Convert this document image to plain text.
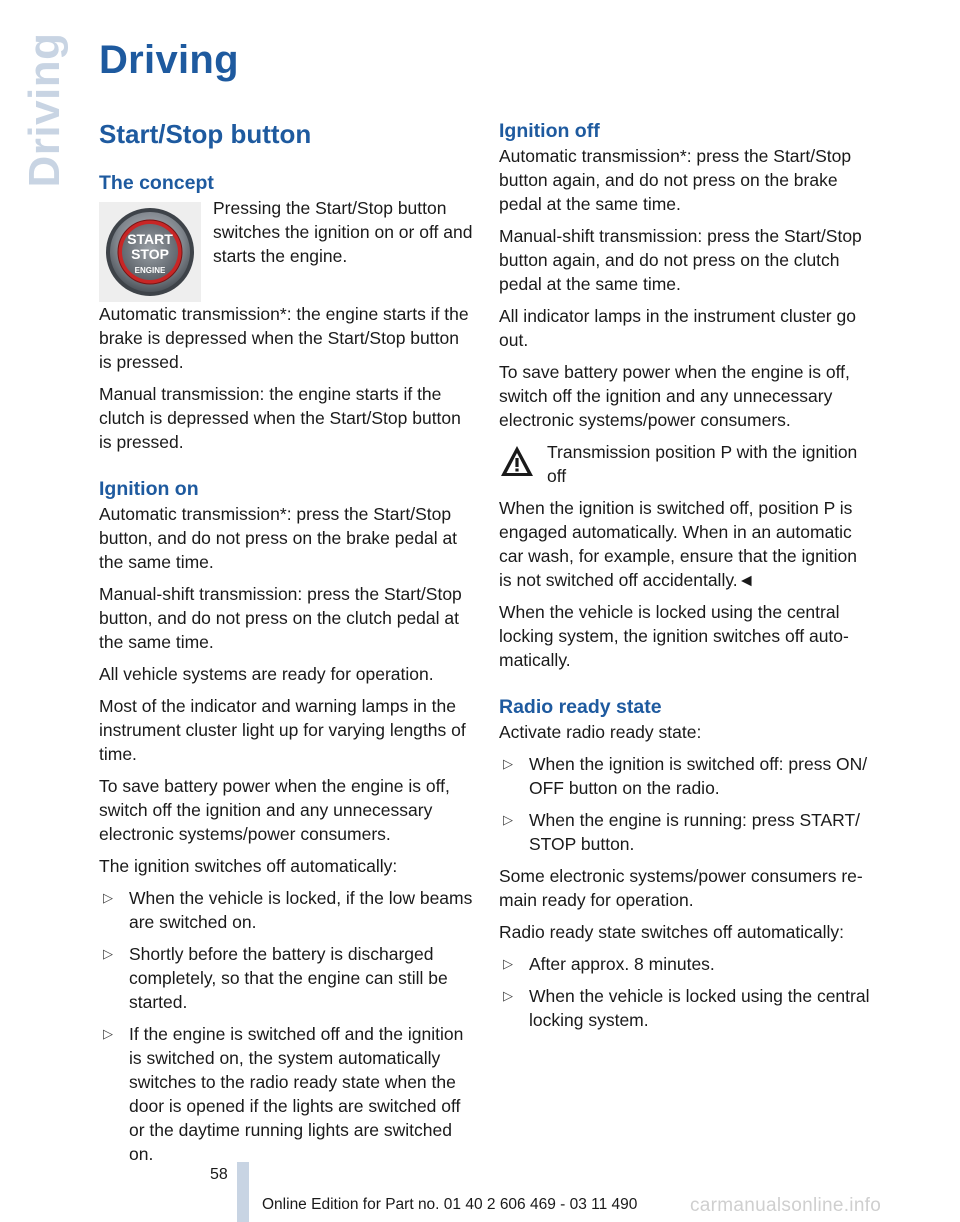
Driving Driving
Start/Stop button
The concept
START
STOP
ENGINE

Pressing the Start/Stop button switches the ignition on or off and starts the engine.

Automatic transmission*: the engine starts if the brake is depressed when the Start/Stop button is pressed.

Manual transmission: the engine starts if the clutch is depressed when the Start/Stop button is pressed.

Ignition on

Automatic transmission*: press the Start/Stop button, and do not press on the brake pedal at the same time.

Manual-shift transmission: press the Start/Stop button, and do not press on the clutch pedal at the same time.

All vehicle systems are ready for operation.

Most of the indicator and warning lamps in the instrument cluster light up for varying lengths of time.

To save battery power when the engine is off, switch off the ignition and any unnecessary electronic systems/power consumers.

The ignition switches off automatically:

▷ When the vehicle is locked, if the low beams are switched on.
▷ Shortly before the battery is discharged completely, so that the engine can still be started.
▷ If the engine is switched off and the ignition is switched on, the system automatically switches to the radio ready state when the door is opened if the lights are switched off or the daytime running lights are switched on.
Ignition off

Automatic transmission*: press the Start/Stop button again, and do not press on the brake pedal at the same time.

Manual-shift transmission: press the Start/Stop button again, and do not press on the clutch pedal at the same time.

All indicator lamps in the instrument cluster go out.

To save battery power when the engine is off, switch off the ignition and any unnecessary electronic systems/power consumers.

Transmission position P with the ignition off

When the ignition is switched off, position P is engaged automatically. When in an automatic car wash, for example, ensure that the ignition is not switched off accidentally.◄

When the vehicle is locked using the central locking system, the ignition switches off automatically.

Radio ready state

Activate radio ready state:

▷ When the ignition is switched off: press ON/ OFF button on the radio.
▷ When the engine is running: press START/ STOP button.

Some electronic systems/power consumers remain ready for operation.

Radio ready state switches off automatically:

▷ After approx. 8 minutes.
▷ When the vehicle is locked using the central locking system.
58
Online Edition for Part no. 01 40 2 606 469 - 03 11 490	carmanualsonline.info
